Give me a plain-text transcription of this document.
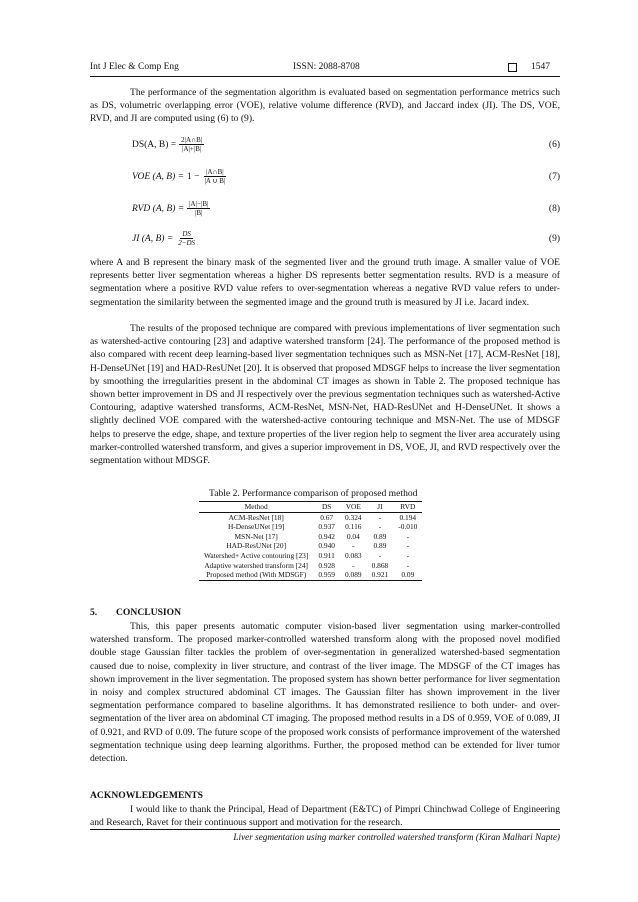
Int J Elec & Comp Eng	ISSN: 2088-8708	1547

The performance of the segmentation algorithm is evaluated based on segmentation performance metrics such as DS, volumetric overlapping error (VOE), relative volume difference (RVD), and Jaccard index (JI). The DS, VOE, RVD, and JI are computed using (6) to (9).

DS(A, $B) = \frac{2|A\cap B|}{|A|+|B|}$	(6)
VOE (A, $B) = 1 - \frac{|A\cap B|}{|A \cup B|}$	(7)
RVD (A, $B) = \frac{|A|-|B|}{|B|}$	(8)
JI (A, $B) = \frac{DS}{2-DS}$	(9)

where A and B represent the binary mask of the segmented liver and the ground truth image. A smaller value of VOE represents better liver segmentation whereas a higher DS represents better segmentation results. RVD is a measure of segmentation where a positive RVD value refers to over-segmentation whereas a negative RVD value refers to under-segmentation the similarity between the segmented image and the ground truth is measured by JI i.e. Jacard index.

The results of the proposed technique are compared with previous implementations of liver segmentation such as watershed-active contouring [23] and adaptive watershed transform [24]. The performance of the proposed method is also compared with recent deep learning-based liver segmentation techniques such as MSN-Net [17], ACM-ResNet [18], H-DenseUNet [19] and HAD-ResUNet [20]. It is observed that proposed MDSGF helps to increase the liver segmentation by smoothing the irregularities present in the abdominal CT images as shown in Table 2. The proposed technique has shown better improvement in DS and JI respectively over the previous segmentation techniques such as watershed-Active Contouring, adaptive watershed transforms, ACM-ResNet, MSN-Net, HAD-ResUNet and H-DenseUNet. It shows a slightly declined VOE compared with the watershed-active contouring technique and MSN-Net. The use of MDSGF helps to preserve the edge, shape, and texture properties of the liver region help to segment the liver area accurately using marker-controlled watershed transform, and gives a superior improvement in DS, VOE, JI, and RVD respectively over the segmentation without MDSGF.

Table 2. Performance comparison of proposed method
Method	DS	VOE	JI	RVD
ACM-ResNet [18]	0.67	0.324	-	0.194
H-DenseUNet [19]	0.937	0.116	-	-0.010
MSN-Net [17]	0.942	0.04	0.89	-
HAD-ResUNet [20]	0.940	-	0.89	-
Watershed+ Active contouring [23]	0.911	0.083	-	-
Adaptive watershed transform [24]	0.928	-	0.868	-
Proposed method (With MDSGF)	0.959	0.089	0.921	0.09
5. CONCLUSION

This, this paper presents automatic computer vision-based liver segmentation using marker-controlled watershed transform. The proposed marker-controlled watershed transform along with the proposed novel modified double stage Gaussian filter tackles the problem of over-segmentation in generalized watershed-based segmentation caused due to noise, complexity in liver structure, and contrast of the liver image. The MDSGF of the CT images has shown improvement in the liver segmentation. The proposed system has shown better performance for liver segmentation in noisy and complex structured abdominal CT images. The Gaussian filter has shown improvement in the liver segmentation performance compared to baseline algorithms. It has demonstrated resilience to both under- and over-segmentation of the liver area on abdominal CT imaging. The proposed method results in a DS of 0.959, VOE of 0.089, JI of 0.921, and RVD of 0.09. The future scope of the proposed work consists of performance improvement of the watershed segmentation technique using deep learning algorithms. Further, the proposed method can be extended for liver tumor detection.

ACKNOWLEDGEMENTS

I would like to thank the Principal, Head of Department (E&TC) of Pimpri Chinchwad College of Engineering and Research, Ravet for their continuous support and motivation for the research.

Liver segmentation using marker controlled watershed transform (Kiran Malhari Napte)
